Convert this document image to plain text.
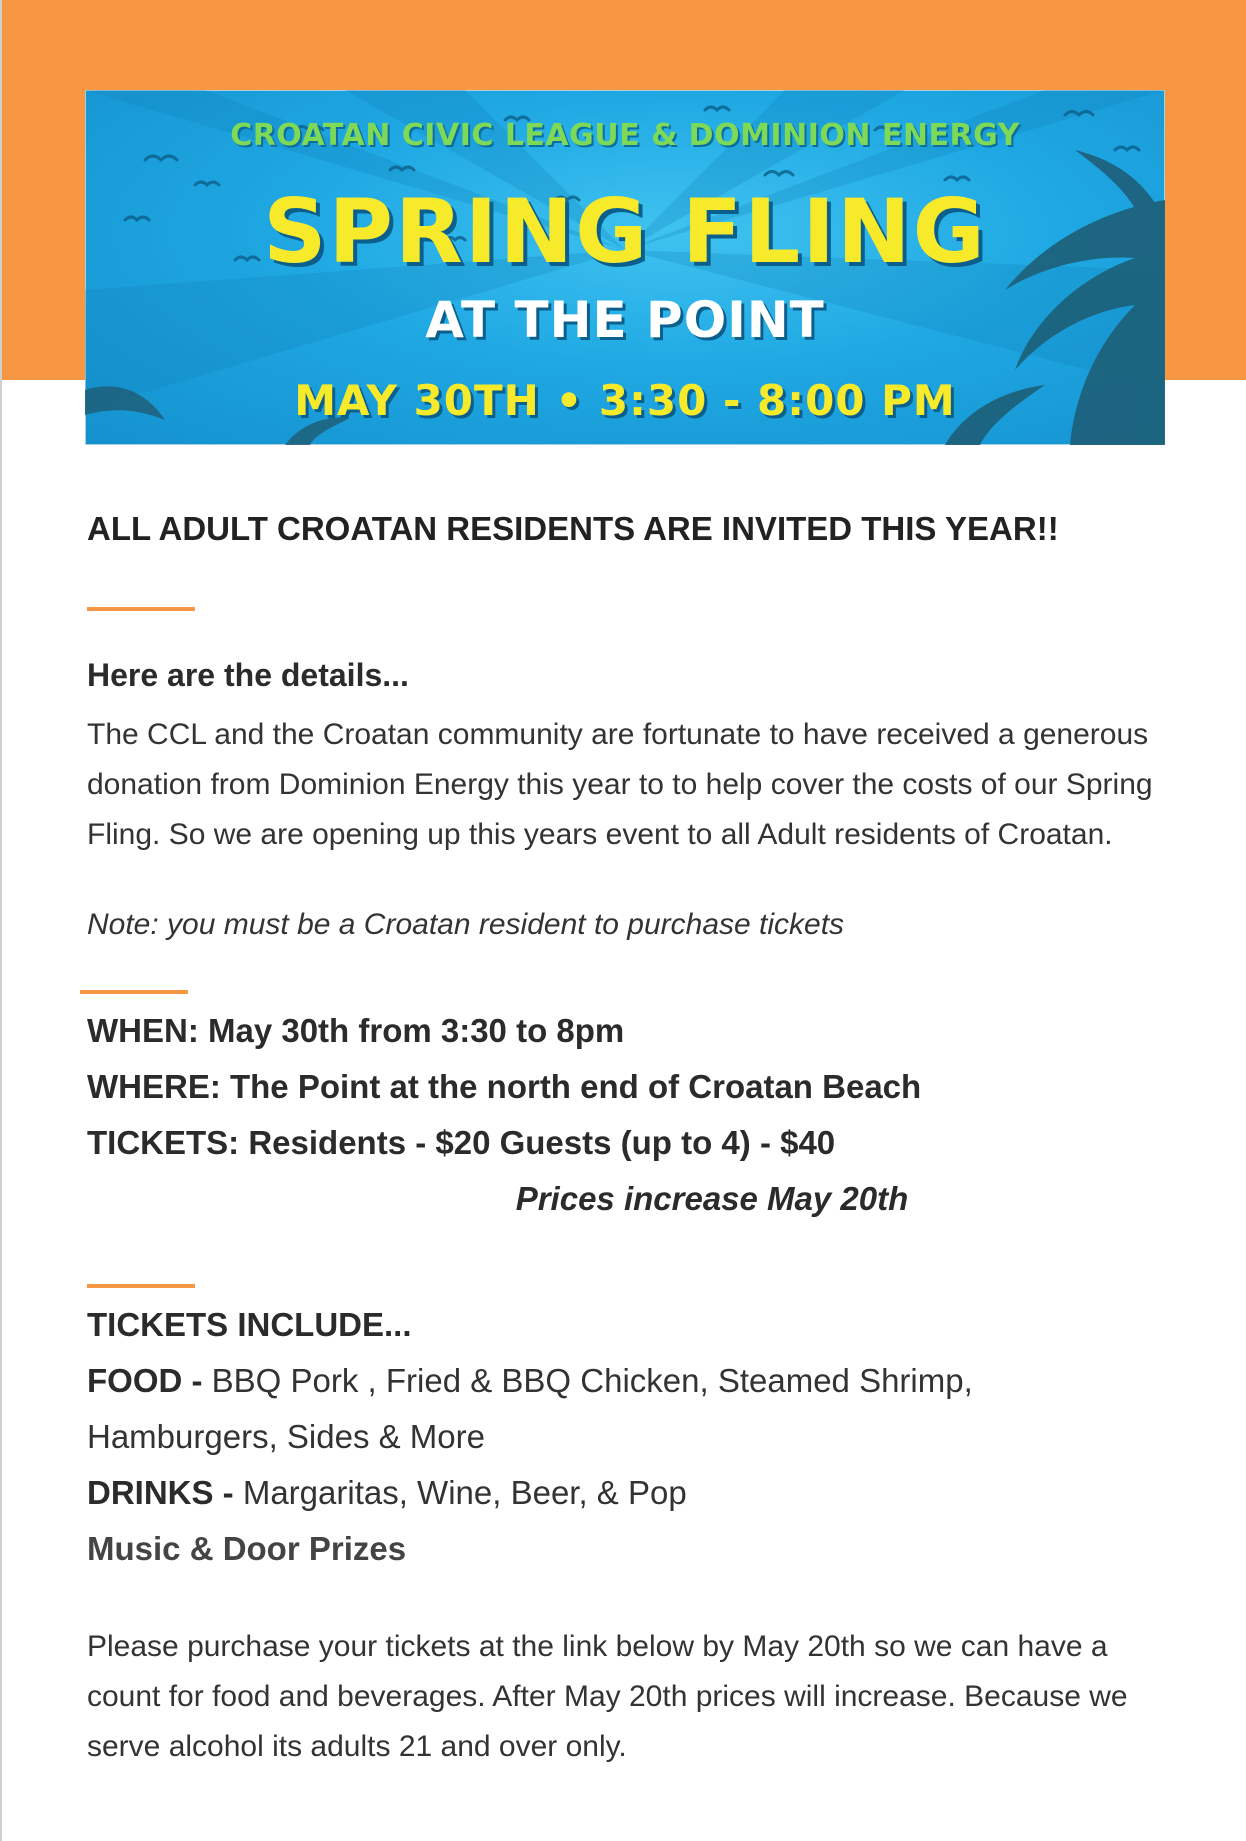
CROATAN CIVIC LEAGUE & DOMINION ENERGY
SPRING FLING
AT THE POINT
MAY 30TH • 3:30 - 8:00 PM
ALL ADULT CROATAN RESIDENTS ARE INVITED THIS YEAR!!
Here are the details...
The CCL and the Croatan community are fortunate to have received a generous donation from Dominion Energy this year to to help cover the costs of our Spring Fling. So we are opening up this years event to all Adult residents of Croatan.
Note: you must be a Croatan resident to purchase tickets
WHEN: May 30th from 3:30 to 8pm
WHERE: The Point at the north end of Croatan Beach
TICKETS: Residents - $20 Guests (up to 4) - $40
Prices increase May 20th
TICKETS INCLUDE...
FOOD - BBQ Pork , Fried & BBQ Chicken, Steamed Shrimp,
Hamburgers, Sides & More
DRINKS - Margaritas, Wine, Beer, & Pop
Music & Door Prizes
Please purchase your tickets at the link below by May 20th so we can have a count for food and beverages. After May 20th prices will increase. Because we serve alcohol its adults 21 and over only.
